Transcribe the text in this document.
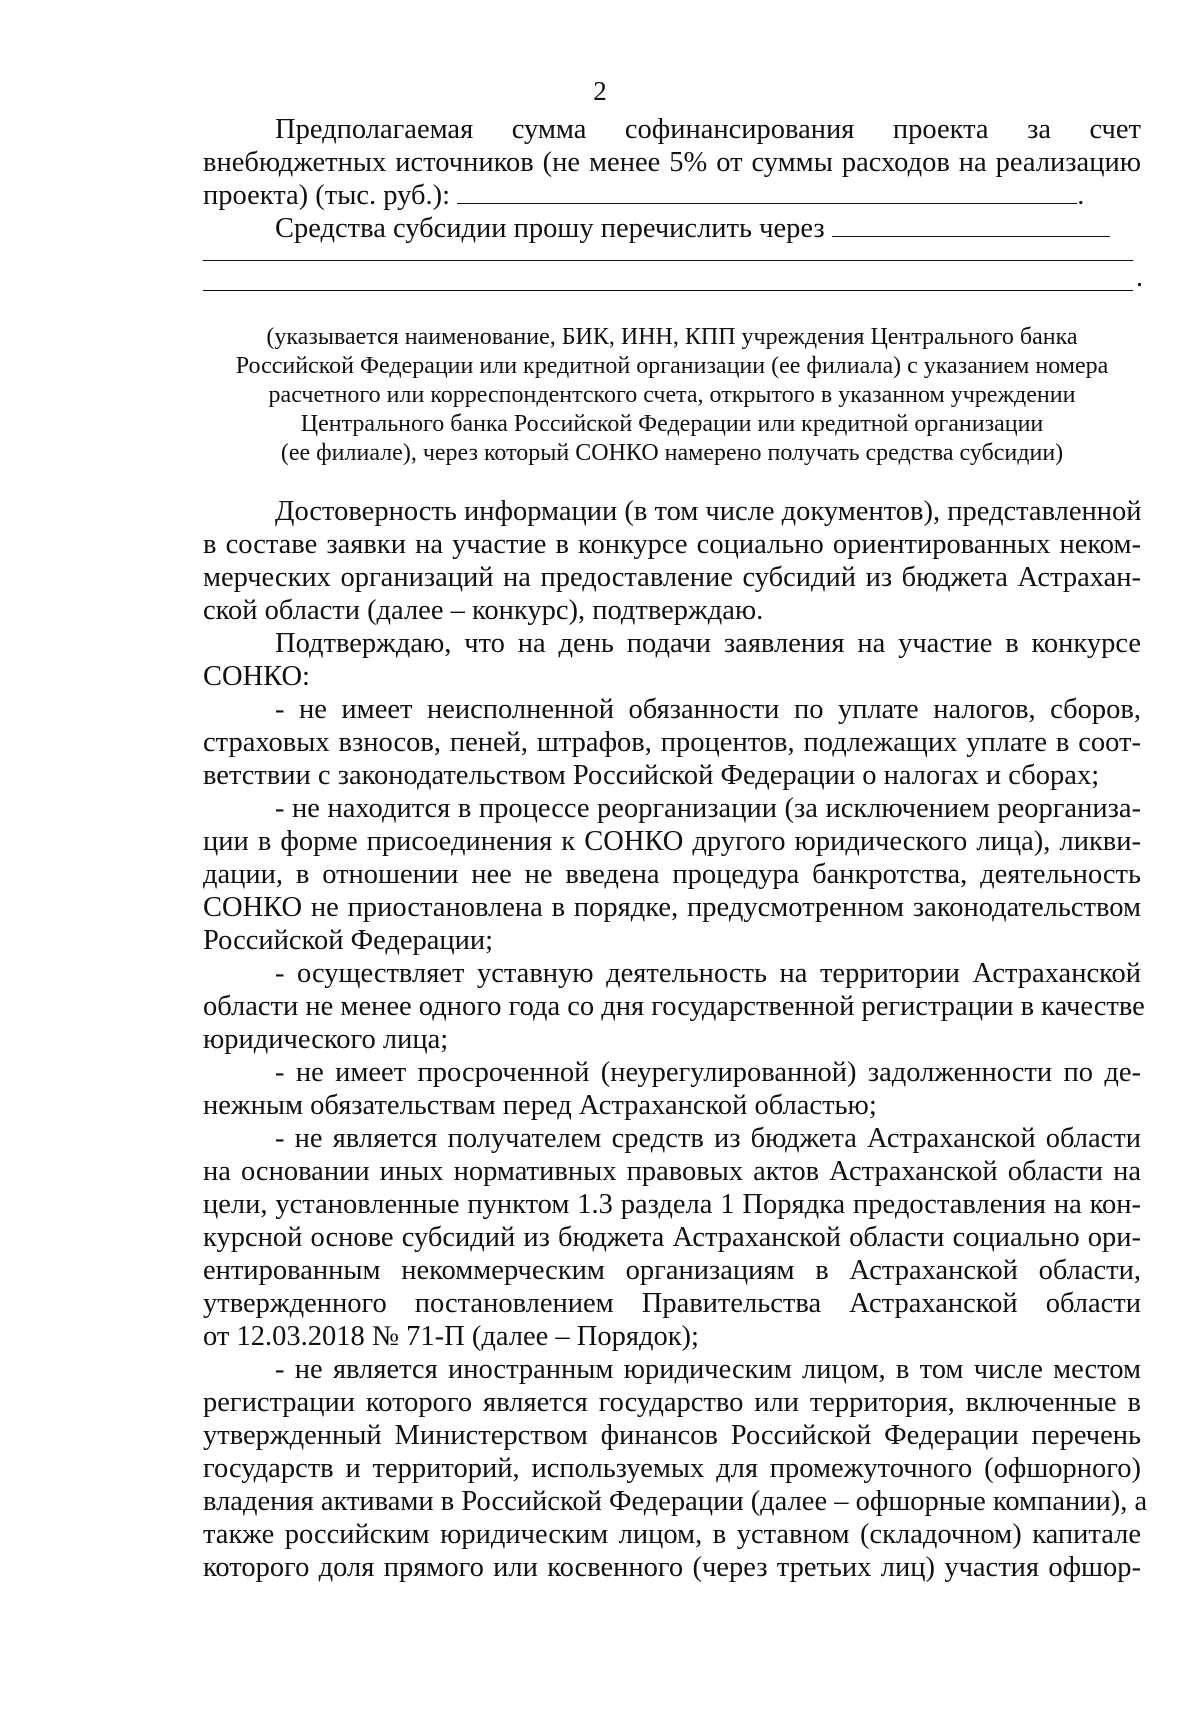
2
Предполагаемая сумма софинансирования проекта за счет
внебюджетных источников (не менее 5% от суммы расходов на реализацию
проекта) (тыс. руб.):	.
Средства субсидии прошу перечислить через
.
(указывается наименование, БИК, ИНН, КПП учреждения Центрального банка
Российской Федерации или кредитной организации (ее филиала) с указанием номера
расчетного или корреспондентского счета, открытого в указанном учреждении
Центрального банка Российской Федерации или кредитной организации
(ее филиале), через который СОНКО намерено получать средства субсидии)
Достоверность информации (в том числе документов), представленной
в составе заявки на участие в конкурсе социально ориентированных неком-
мерческих организаций на предоставление субсидий из бюджета Астрахан-
ской области (далее – конкурс), подтверждаю.
Подтверждаю, что на день подачи заявления на участие в конкурсе
СОНКО:
- не имеет неисполненной обязанности по уплате налогов, сборов,
страховых взносов, пеней, штрафов, процентов, подлежащих уплате в соот-
ветствии с законодательством Российской Федерации о налогах и сборах;
- не находится в процессе реорганизации (за исключением реорганиза-
ции в форме присоединения к СОНКО другого юридического лица), ликви-
дации, в отношении нее не введена процедура банкротства, деятельность
СОНКО не приостановлена в порядке, предусмотренном законодательством
Российской Федерации;
- осуществляет уставную деятельность на территории Астраханской
области не менее одного года со дня государственной регистрации в качестве
юридического лица;
- не имеет просроченной (неурегулированной) задолженности по де-
нежным обязательствам перед Астраханской областью;
- не является получателем средств из бюджета Астраханской области
на основании иных нормативных правовых актов Астраханской области на
цели, установленные пунктом 1.3 раздела 1 Порядка предоставления на кон-
курсной основе субсидий из бюджета Астраханской области социально ори-
ентированным некоммерческим организациям в Астраханской области,
утвержденного постановлением Правительства Астраханской области
от 12.03.2018 № 71-П (далее – Порядок);
- не является иностранным юридическим лицом, в том числе местом
регистрации которого является государство или территория, включенные в
утвержденный Министерством финансов Российской Федерации перечень
государств и территорий, используемых для промежуточного (офшорного)
владения активами в Российской Федерации (далее – офшорные компании), а
также российским юридическим лицом, в уставном (складочном) капитале
которого доля прямого или косвенного (через третьих лиц) участия офшор-
